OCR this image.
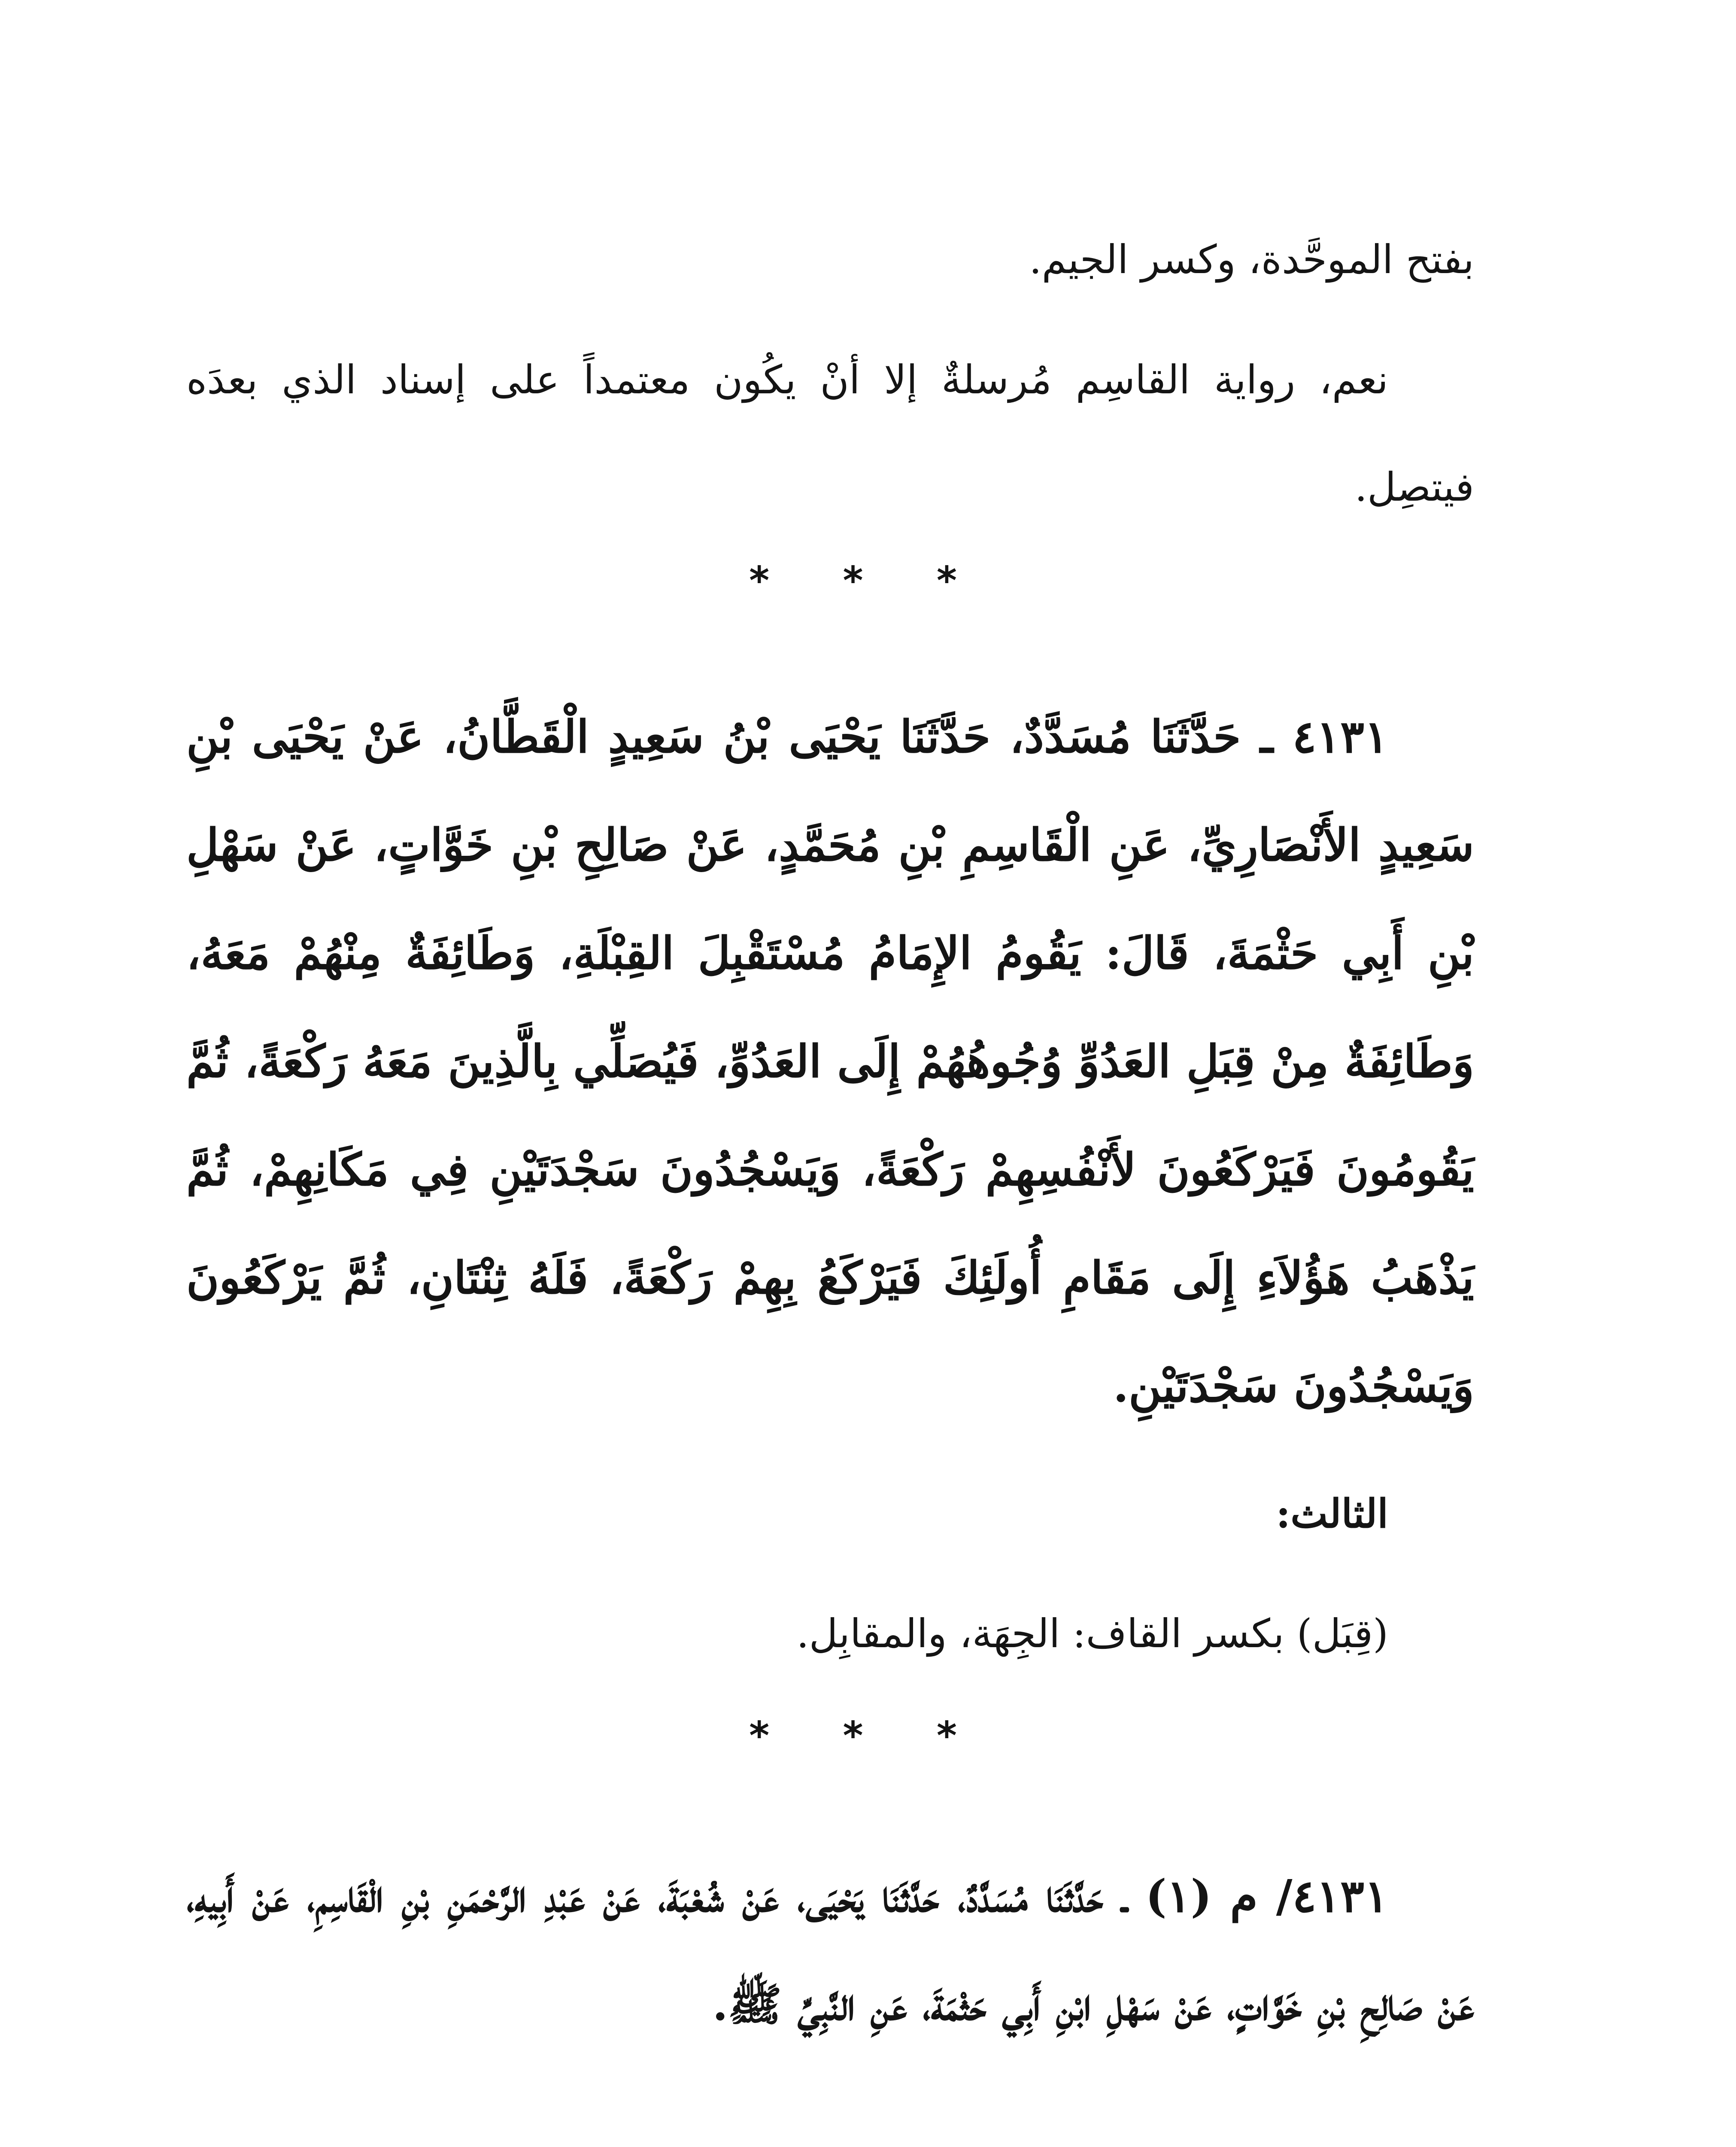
بفتح الموحَّدة، وكسر الجيم.

نعم، رواية القاسِم مُرسلةٌ إلا أنْ يكُون معتمداً على إسناد الذي بعدَه فيتصِل.

* * *

٤١٣١ ـ حَدَّثَنَا مُسَدَّدٌ، حَدَّثَنَا يَحْيَى بْنُ سَعِيدٍ الْقَطَّانُ، عَنْ يَحْيَى بْنِ سَعِيدٍ الأَنْصَارِيِّ، عَنِ الْقَاسِمِ بْنِ مُحَمَّدٍ، عَنْ صَالِحِ بْنِ خَوَّاتٍ، عَنْ سَهْلِ بْنِ أَبِي حَثْمَةَ، قَالَ: يَقُومُ الإِمَامُ مُسْتَقْبِلَ القِبْلَةِ، وَطَائِفَةٌ مِنْهُمْ مَعَهُ، وَطَائِفَةٌ مِنْ قِبَلِ العَدُوِّ وُجُوهُهُمْ إِلَى العَدُوِّ، فَيُصَلِّي بِالَّذِينَ مَعَهُ رَكْعَةً، ثُمَّ يَقُومُونَ فَيَرْكَعُونَ لأَنْفُسِهِمْ رَكْعَةً، وَيَسْجُدُونَ سَجْدَتَيْنِ فِي مَكَانِهِمْ، ثُمَّ يَذْهَبُ هَؤُلاَءِ إِلَى مَقَامِ أُولَئِكَ فَيَرْكَعُ بِهِمْ رَكْعَةً، فَلَهُ ثِنْتَانِ، ثُمَّ يَرْكَعُونَ وَيَسْجُدُونَ سَجْدَتَيْنِ.

الثالث:

(قِبَل) بكسر القاف: الجِهَة، والمقابِل.

* * *

٤١٣١/ م (١) ـ حَدَّثَنَا مُسَدَّدٌ، حَدَّثَنَا يَحْيَى، عَنْ شُعْبَةَ، عَنْ عَبْدِ الرَّحْمَنِ بْنِ الْقَاسِمِ، عَنْ أَبِيهِ، عَنْ صَالِحِ بْنِ خَوَّاتٍ، عَنْ سَهْلِ ابْنِ أَبِي حَثْمَةَ، عَنِ النَّبِيِّ ﷺ.
